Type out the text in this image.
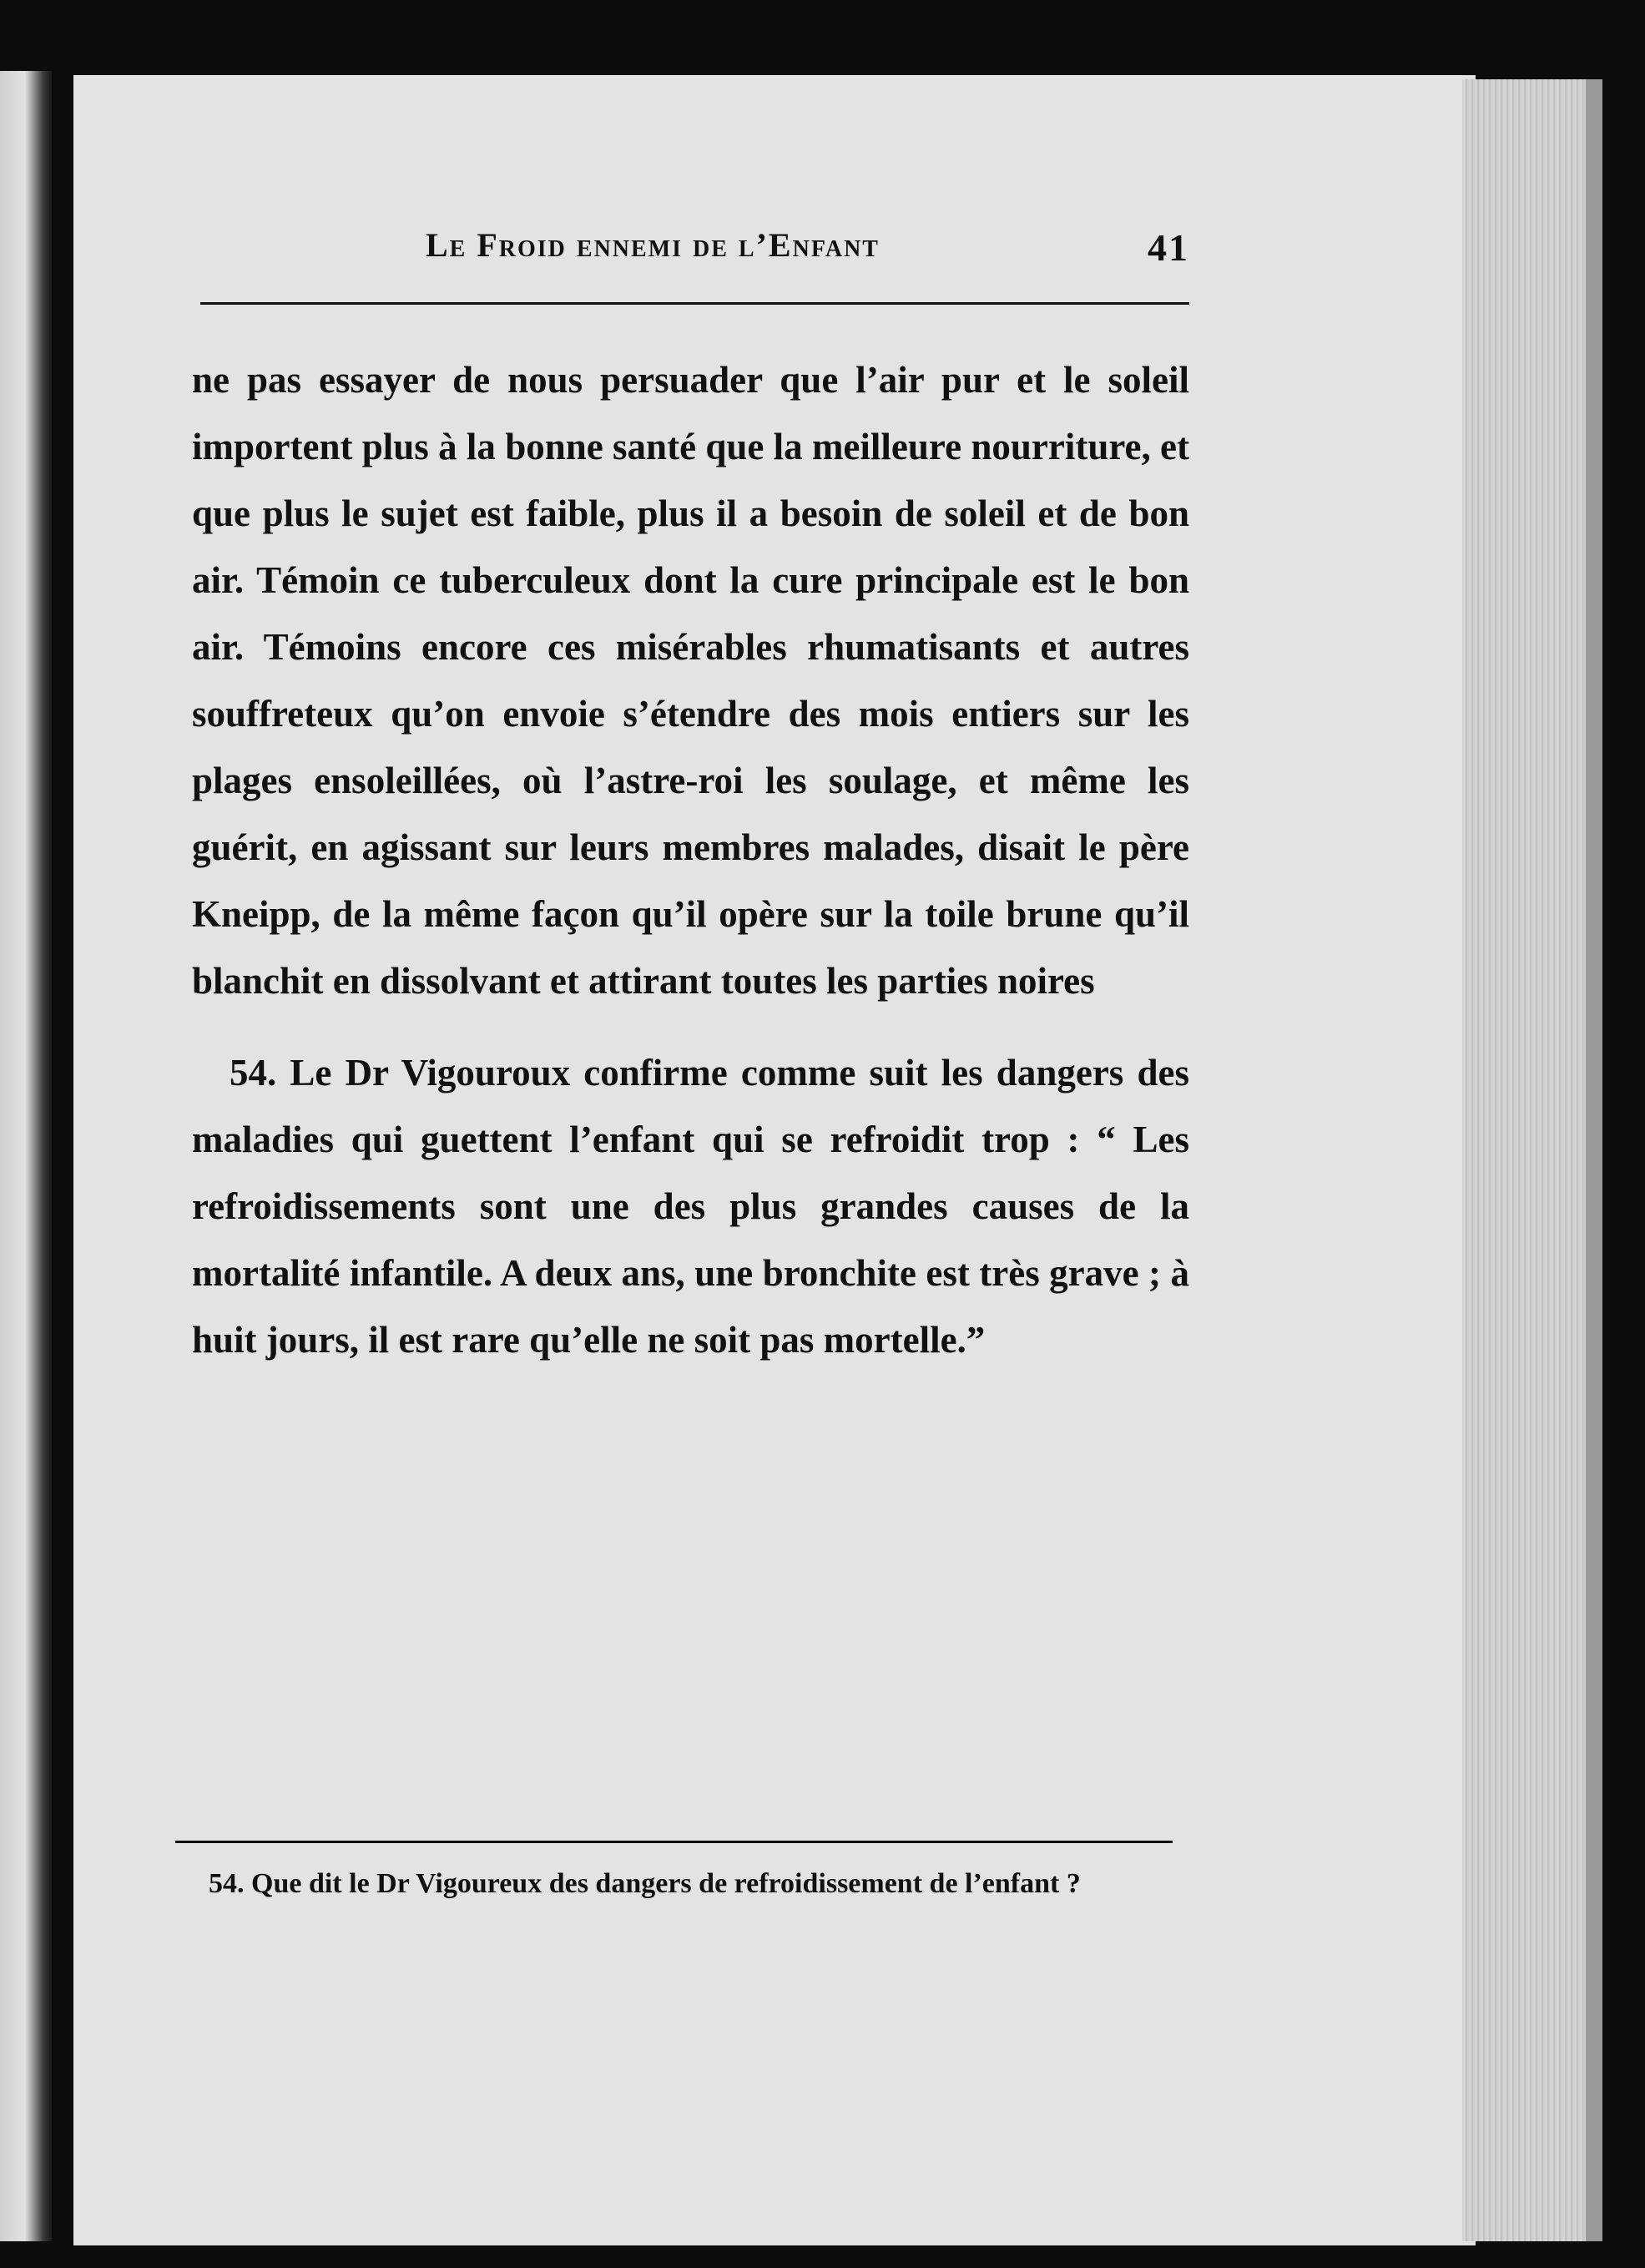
Le Froid ennemi de l’Enfant	41

ne pas essayer de nous persuader que l’air pur et le soleil importent plus à la bonne santé que la meilleure nourriture, et que plus le sujet est faible, plus il a besoin de soleil et de bon air. Témoin ce tuberculeux dont la cure principale est le bon air. Témoins encore ces misérables rhumatisants et autres souffreteux qu’on envoie s’étendre des mois entiers sur les plages ensoleillées, où l’astre-roi les soulage, et même les guérit, en agissant sur leurs membres malades, disait le père Kneipp, de la même façon qu’il opère sur la toile brune qu’il blanchit en dissolvant et attirant toutes les parties noires

54. Le Dr Vigouroux confirme comme suit les dangers des maladies qui guettent l’enfant qui se refroidit trop : “ Les refroidissements sont une des plus grandes causes de la mortalité infantile. A deux ans, une bronchite est très grave ; à huit jours, il est rare qu’elle ne soit pas mortelle.”

54. Que dit le Dr Vigoureux des dangers de refroidissement de l’enfant ?
